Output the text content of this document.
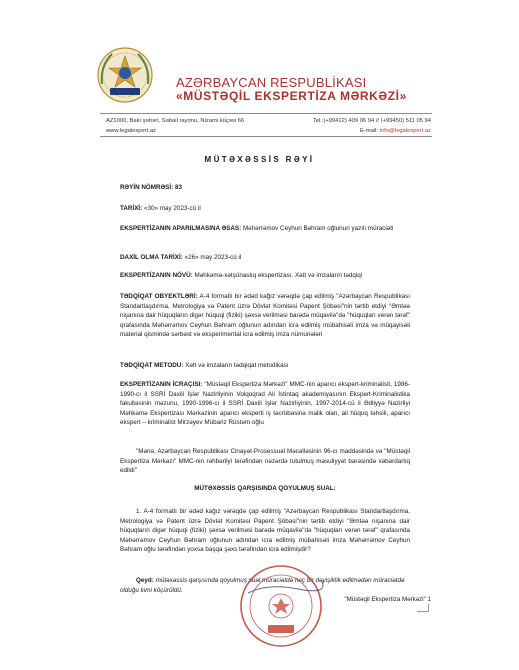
AZƏRBAYCAN RESPUBLİKASI
«MÜSTƏQİL EKSPERTİZA MƏRKƏZİ»
AZ1000, Bakı şəhəri, Səbail rayonu, Nizami küçəsi 66
www.legalexpert.az
Tel.:(+99412) 409 06 94 // (+99450) 511 05 94
E-mail: info@legalexpert.az
MÜTƏXƏSSİS RƏYİ
RƏYİN NÖMRƏSİ: 83
TARİXİ: «30» may 2023-cü il
EKSPERTİZANIN APARILMASINA ƏSAS: Məhərrəmov Ceyhun Bəhram oğlunun yazılı müraciəti
DAXİL OLMA TARİXİ: «26» may 2023-cü il
EKSPERTİZANIN NÖVÜ: Məhkəmə-xətşünaslıq ekspertizası. Xətt və imzaların tədqiqi
TƏDQİQAT OBYEKTLƏRİ: A-4 formatlı bir ədəd kağız vərəqdə çap edilmiş "Azərbaycan Respublikası Standartlaşdırma, Metrologiya və Patent üzrə Dövlət Komitəsi Papent Şöbəsi"nin tərtib etdiyi "Əmtəə nişanına dair hüquqların digər hüquqi (fiziki) şəxsə verilməsi barədə müqavilə"də "hüquqları verən tərəf" qrafasında Məhərrəmov Ceyhun Bəhram oğlunun adından icra edilmiş mübahisəli imza və müqayisəli material qismində sərbəst və eksperimental icra edilmiş imza nümunələri
TƏDQİQAT METODU: Xətt və imzaların tədqiqat metodikası
EKSPERTİZANIN İCRAÇISI: "Müstəqil Ekspertiza Mərkəzi" MMC-nin aparıcı ekspert-kriminalisti, 1986-1990-cı il SSRİ Daxili İşlər Nazirliyinin Volqoqrad Ali İstintaq akademiyasının Ekspert-Kriminalistika fakultəsinin məzunu, 1990-1996-cı il SSRİ Daxili İşlər Nazirliyinin, 1997-2014-cü il Ədliyyə Nazirliyi Məhkəmə Ekspertizası Mərkəzinin aparıcı eksperti iş təcrübəsinə malik olan, ali hüquq təhsili, aparıcı ekspert – kriminalist Mirzəyev Mübariz Rüstəm oğlu
"Mənə, Azərbaycan Respublikası Cinayət-Prosessual Məcəlləsinin 96-cı maddəsində və "Müstəqil Ekspertiza Mərkəzi" MMC-nin rəhbərliyi tərəfindən nəzərdə tutulmuş məsuliyyət barəsində xəbərdarlıq edildi"
MÜTƏXƏSSİS QARŞISINDA QOYULMUŞ SUAL:
1. A-4 formatlı bir ədəd kağız vərəqdə çap edilmiş "Azərbaycan Respublikası Standartlaşdırma, Metrologiya və Patent üzrə Dövlət Komitəsi Papent Şöbəsi"nin tərtib etdiyi "Əmtəə nişanına dair hüquqların digər hüquqi (fiziki) şəxsə verilməsi barədə müqavilə"də "hüquqları verən tərəf" qrafasında Məhərrəmov Ceyhun Bəhram oğlunun adından icra edilmiş mübahisəli imza Məhərrəmov Ceyhun Bəhram oğlu tərəfindən yoxsa başqa şəxs tərəfindən icra edilmişdir?
Qeyd: mütəxəssis qarşısında qoyulmuş sual müraciətdə heç bir dəyişiklik edilmədən müraciətdə olduğu kimi köçürüldü.
"Müstəqil Ekspertiza Mərkəzi" 1
